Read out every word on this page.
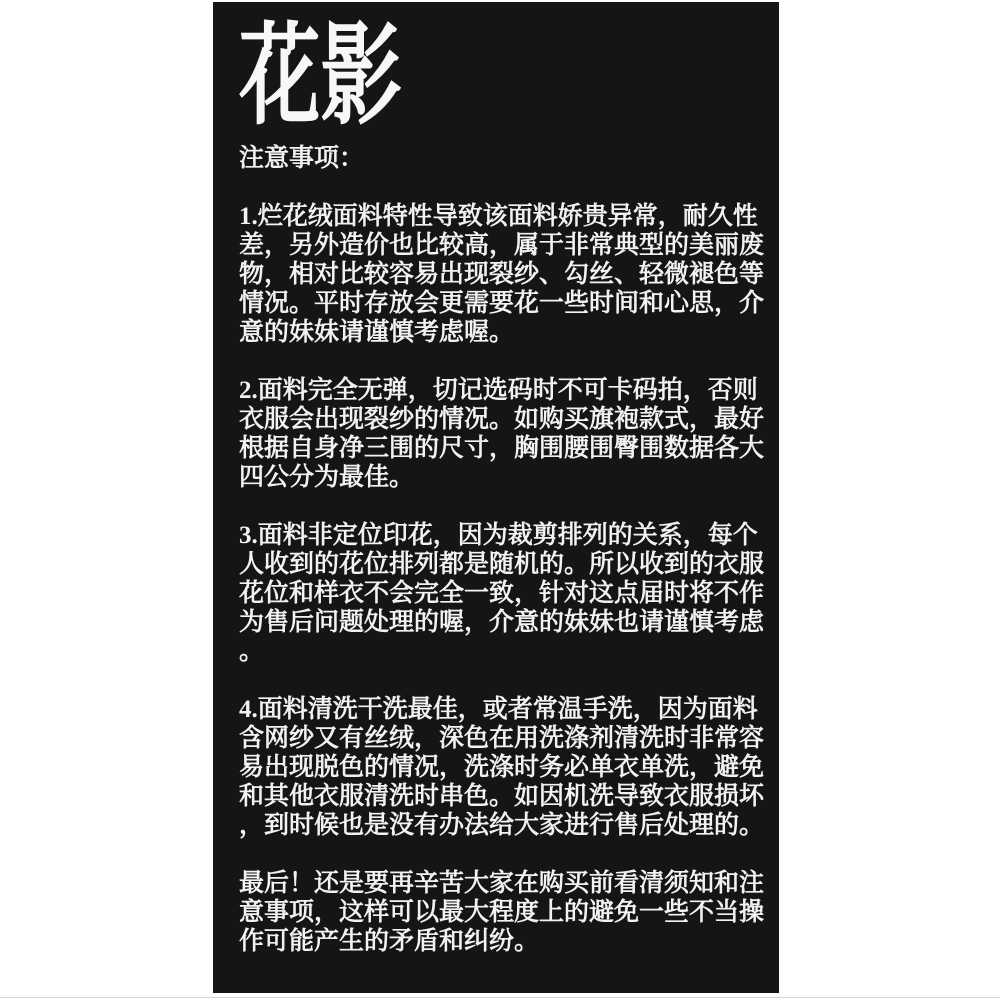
花影
注意事项：

1.烂花绒面料特性导致该面料娇贵异常，耐久性差，另外造价也比较高，属于非常典型的美丽废物，相对比较容易出现裂纱、勾丝、轻微褪色等情况。平时存放会更需要花一些时间和心思，介意的妹妹请谨慎考虑喔。

2.面料完全无弹，切记选码时不可卡码拍，否则衣服会出现裂纱的情况。如购买旗袍款式，最好根据自身净三围的尺寸，胸围腰围臀围数据各大四公分为最佳。

3.面料非定位印花，因为裁剪排列的关系，每个人收到的花位排列都是随机的。所以收到的衣服花位和样衣不会完全一致，针对这点届时将不作为售后问题处理的喔，介意的妹妹也请谨慎考虑。

4.面料清洗干洗最佳，或者常温手洗，因为面料含网纱又有丝绒，深色在用洗涤剂清洗时非常容易出现脱色的情况，洗涤时务必单衣单洗，避免和其他衣服清洗时串色。如因机洗导致衣服损坏，到时候也是没有办法给大家进行售后处理的。

最后！还是要再辛苦大家在购买前看清须知和注意事项，这样可以最大程度上的避免一些不当操作可能产生的矛盾和纠纷。
